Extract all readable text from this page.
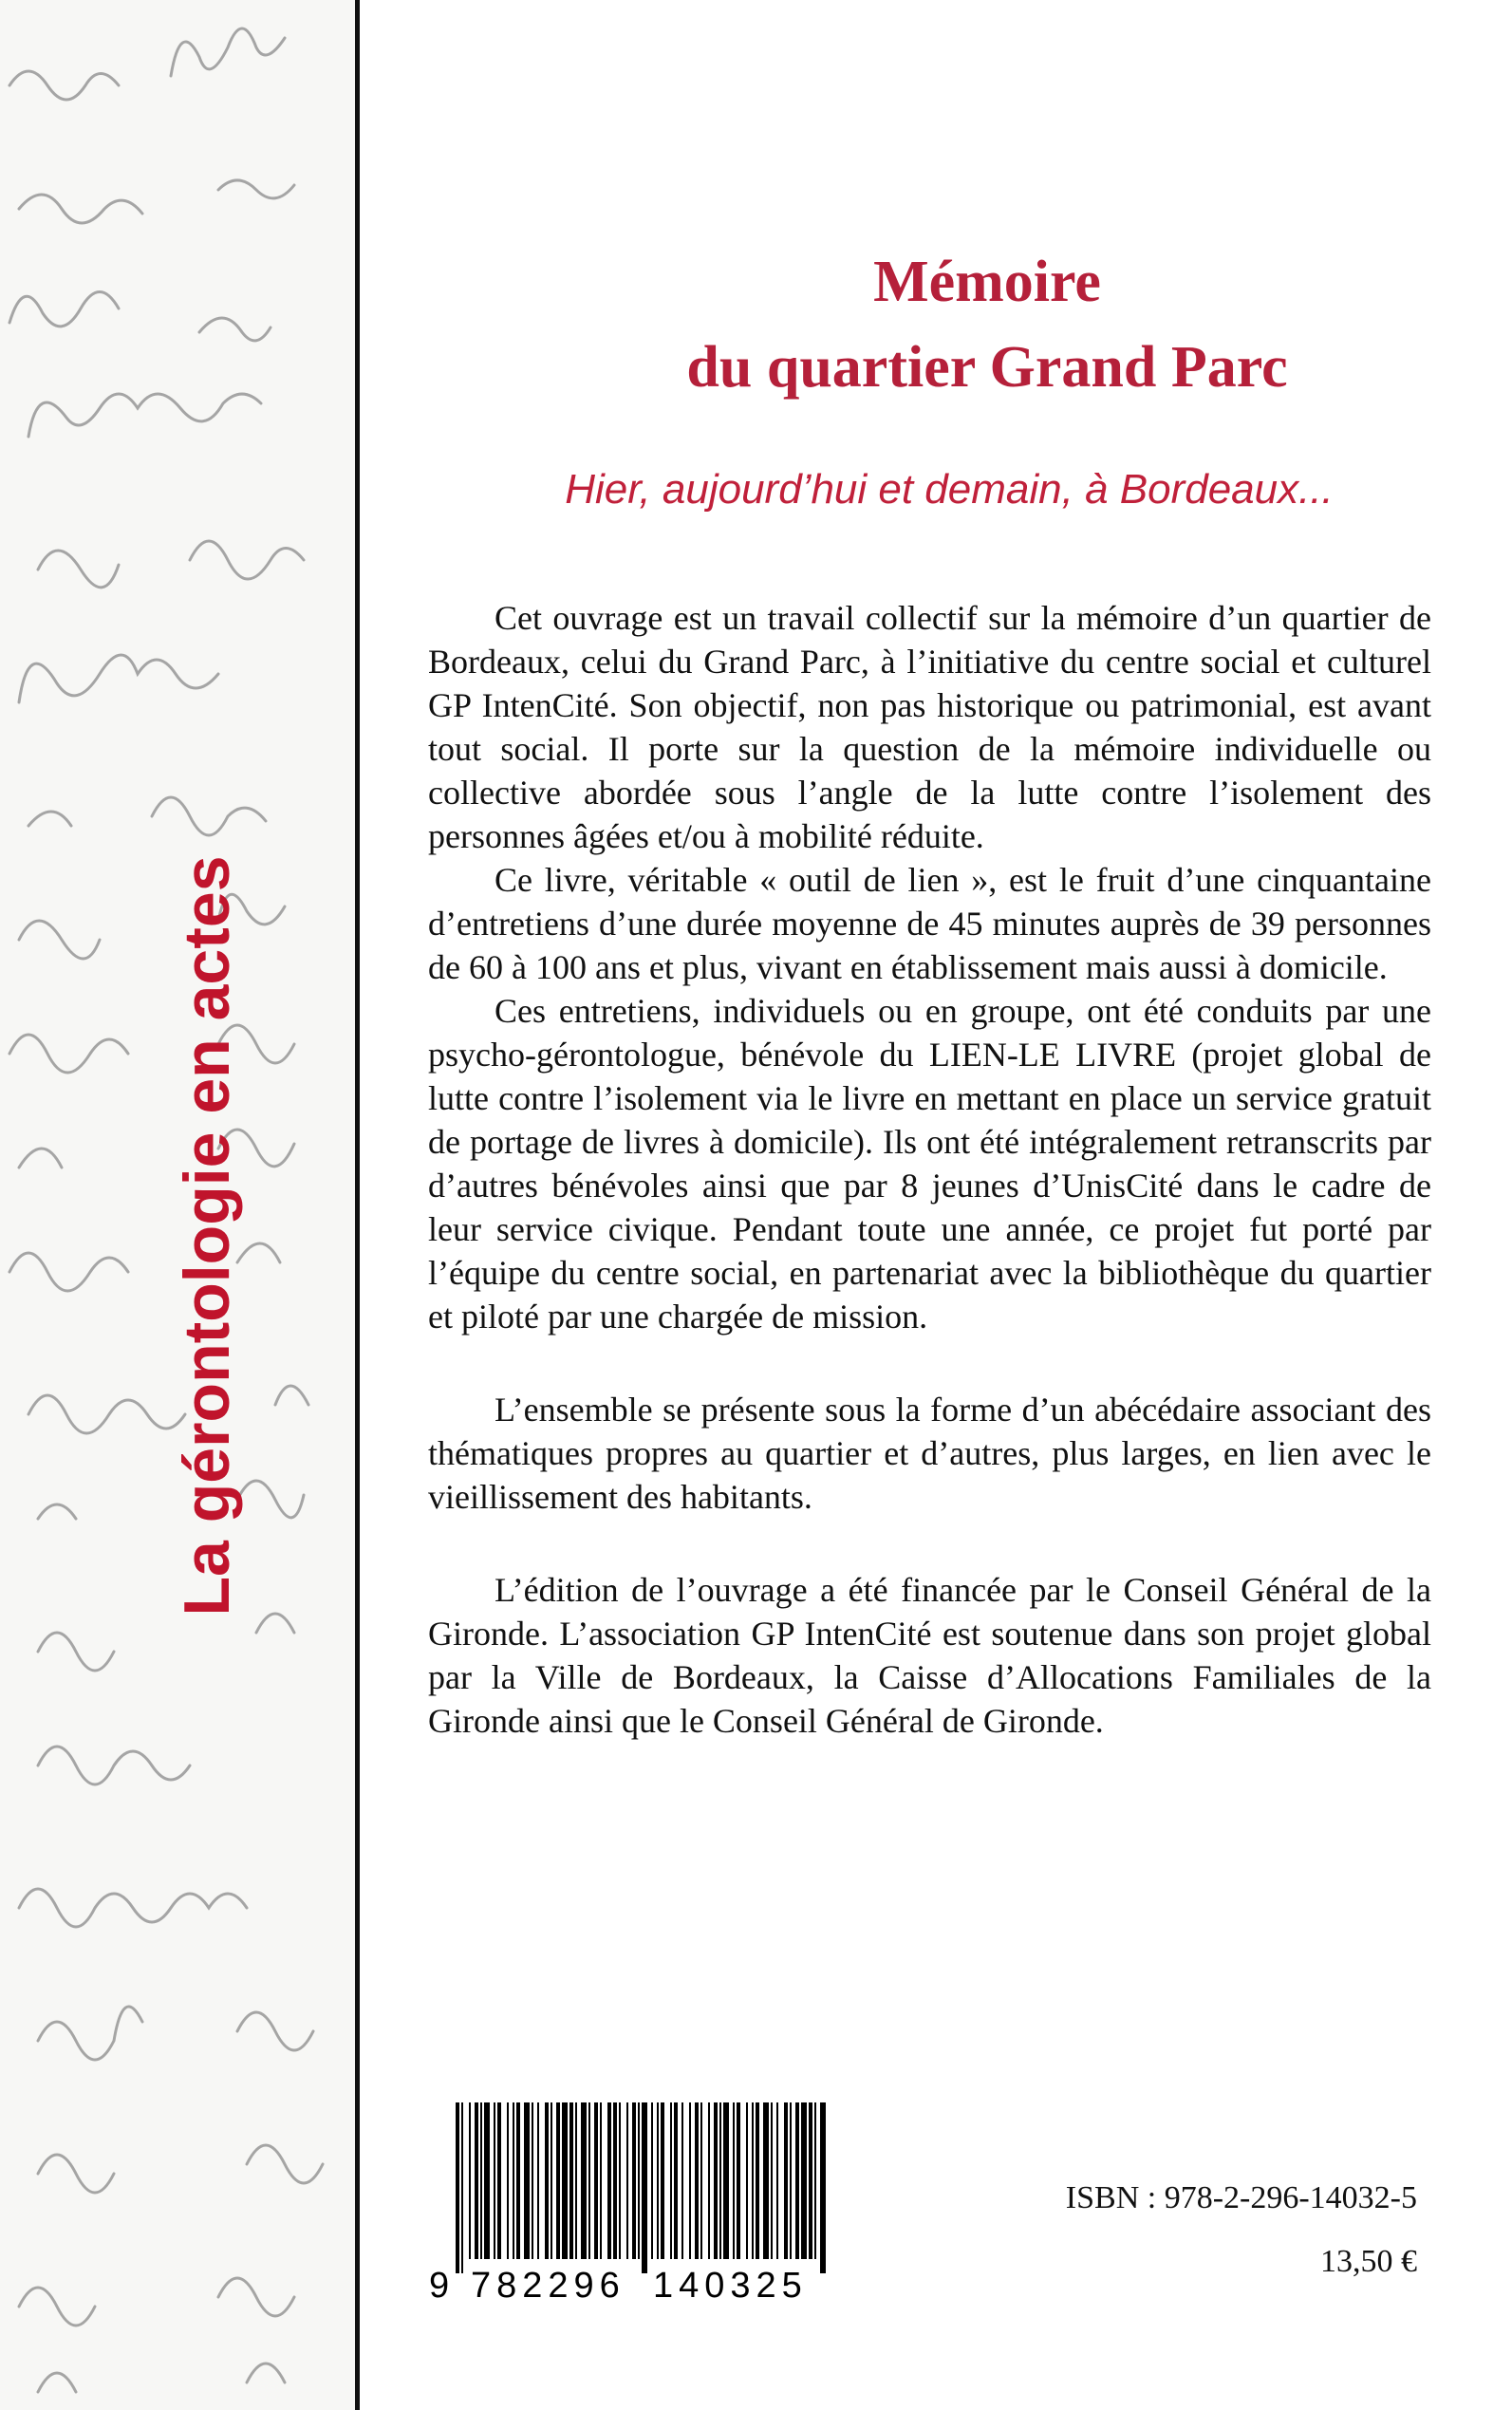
La gérontologie en actes
Mémoire
du quartier Grand Parc
Hier, aujourd’hui et demain, à Bordeaux...

Cet ouvrage est un travail collectif sur la mémoire d’un quartier de Bordeaux, celui du Grand Parc, à l’initiative du centre social et culturel GP IntenCité. Son objectif, non pas historique ou patrimonial, est avant tout social. Il porte sur la question de la mémoire individuelle ou collective abordée sous l’angle de la lutte contre l’isolement des personnes âgées et/ou à mobilité réduite.

Ce livre, véritable « outil de lien », est le fruit d’une cinquantaine d’entretiens d’une durée moyenne de 45 minutes auprès de 39 personnes de 60 à 100 ans et plus, vivant en établissement mais aussi à domicile.

Ces entretiens, individuels ou en groupe, ont été conduits par une psycho-gérontologue, bénévole du LIEN-LE LIVRE (projet global de lutte contre l’isolement via le livre en mettant en place un service gratuit de portage de livres à domicile). Ils ont été intégralement retranscrits par d’autres bénévoles ainsi que par 8 jeunes d’UnisCité dans le cadre de leur service civique. Pendant toute une année, ce projet fut porté par l’équipe du centre social, en partenariat avec la bibliothèque du quartier et piloté par une chargée de mission.

L’ensemble se présente sous la forme d’un abécédaire associant des thématiques propres au quartier et d’autres, plus larges, en lien avec le vieillissement des habitants.

L’édition de l’ouvrage a été financée par le Conseil Général de la Gironde. L’association GP IntenCité est soutenue dans son projet global par la Ville de Bordeaux, la Caisse d’Allocations Familiales de la Gironde ainsi que le Conseil Général de Gironde.

9 782296 140325
ISBN : 978-2-296-14032-5
13,50 €
